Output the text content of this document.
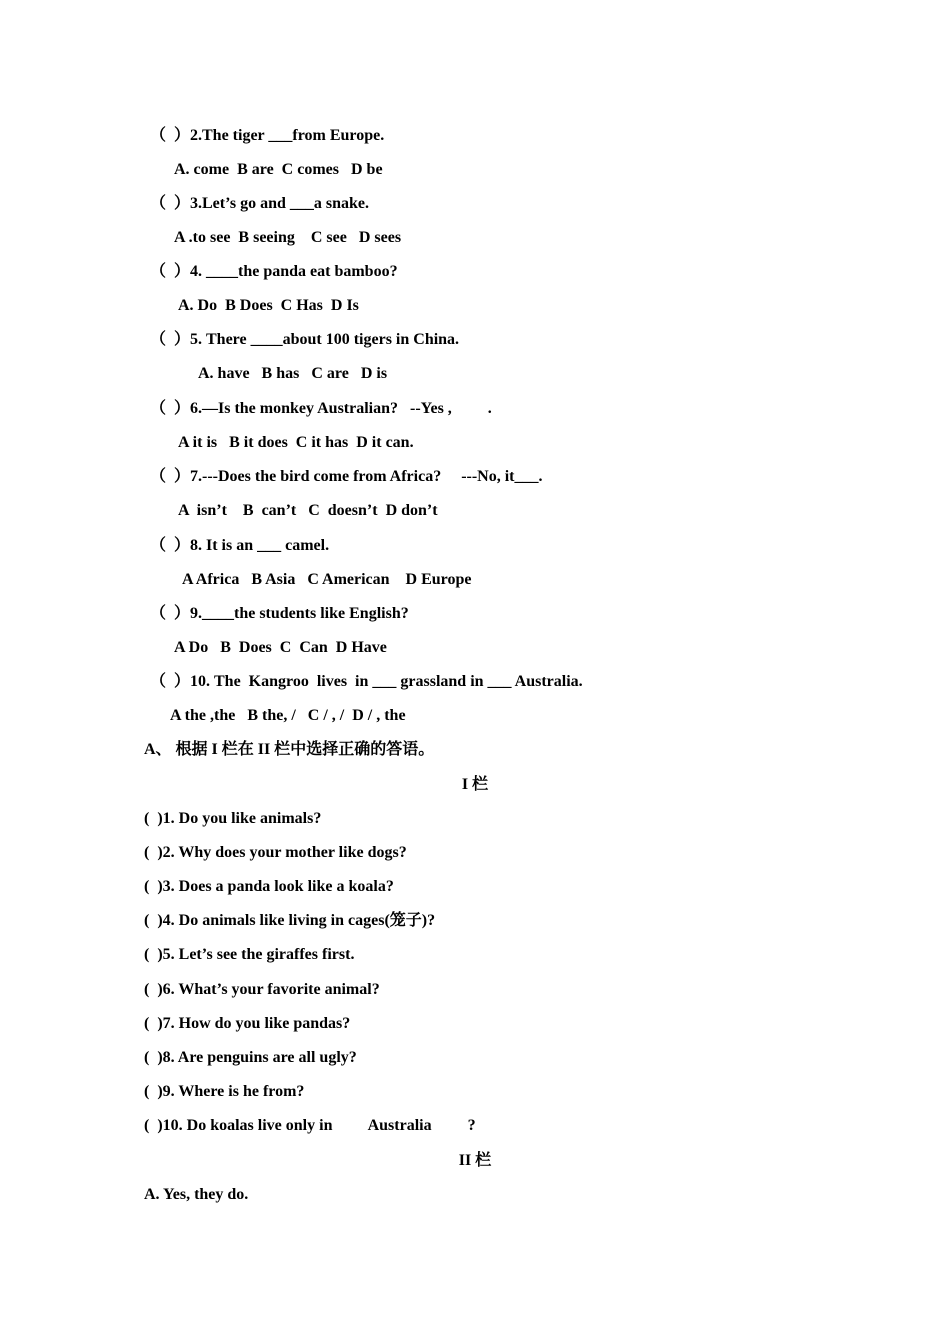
（  ）2.The tiger ___from Europe.
A. come  B are  C comes   D be
（  ）3.Let’s go and ___a snake.
A .to see  B seeing    C see   D sees
（  ）4. ____the panda eat bamboo?
A. Do  B Does  C Has  D Is
（  ）5. There ____about 100 tigers in China.
A. have   B has   C are   D is
（  ）6.—Is the monkey Australian?   --Yes ,         .
A it is   B it does  C it has  D it can.
（  ）7.---Does the bird come from Africa?     ---No, it___.
A  isn’t    B  can’t   C  doesn’t  D don’t
（  ）8. It is an ___ camel.
A Africa   B Asia   C American    D Europe
（  ）9.____the students like English?
A Do   B  Does  C  Can  D Have
（  ）10. The  Kangroo  lives  in ___ grassland in ___ Australia.
A the ,the   B the, /   C / , /  D / , the
A、 根据 I 栏在 II 栏中选择正确的答语。
I 栏
(  )1. Do you like animals?
(  )2. Why does your mother like dogs?
(  )3. Does a panda look like a koala?
(  )4. Do animals like living in cages(笼子)?
(  )5. Let’s see the giraffes first.
(  )6. What’s your favorite animal?
(  )7. How do you like pandas?
(  )8. Are penguins are all ugly?
(  )9. Where is he from?
(  )10. Do koalas live only in         Australia         ?
II 栏
A. Yes, they do.
